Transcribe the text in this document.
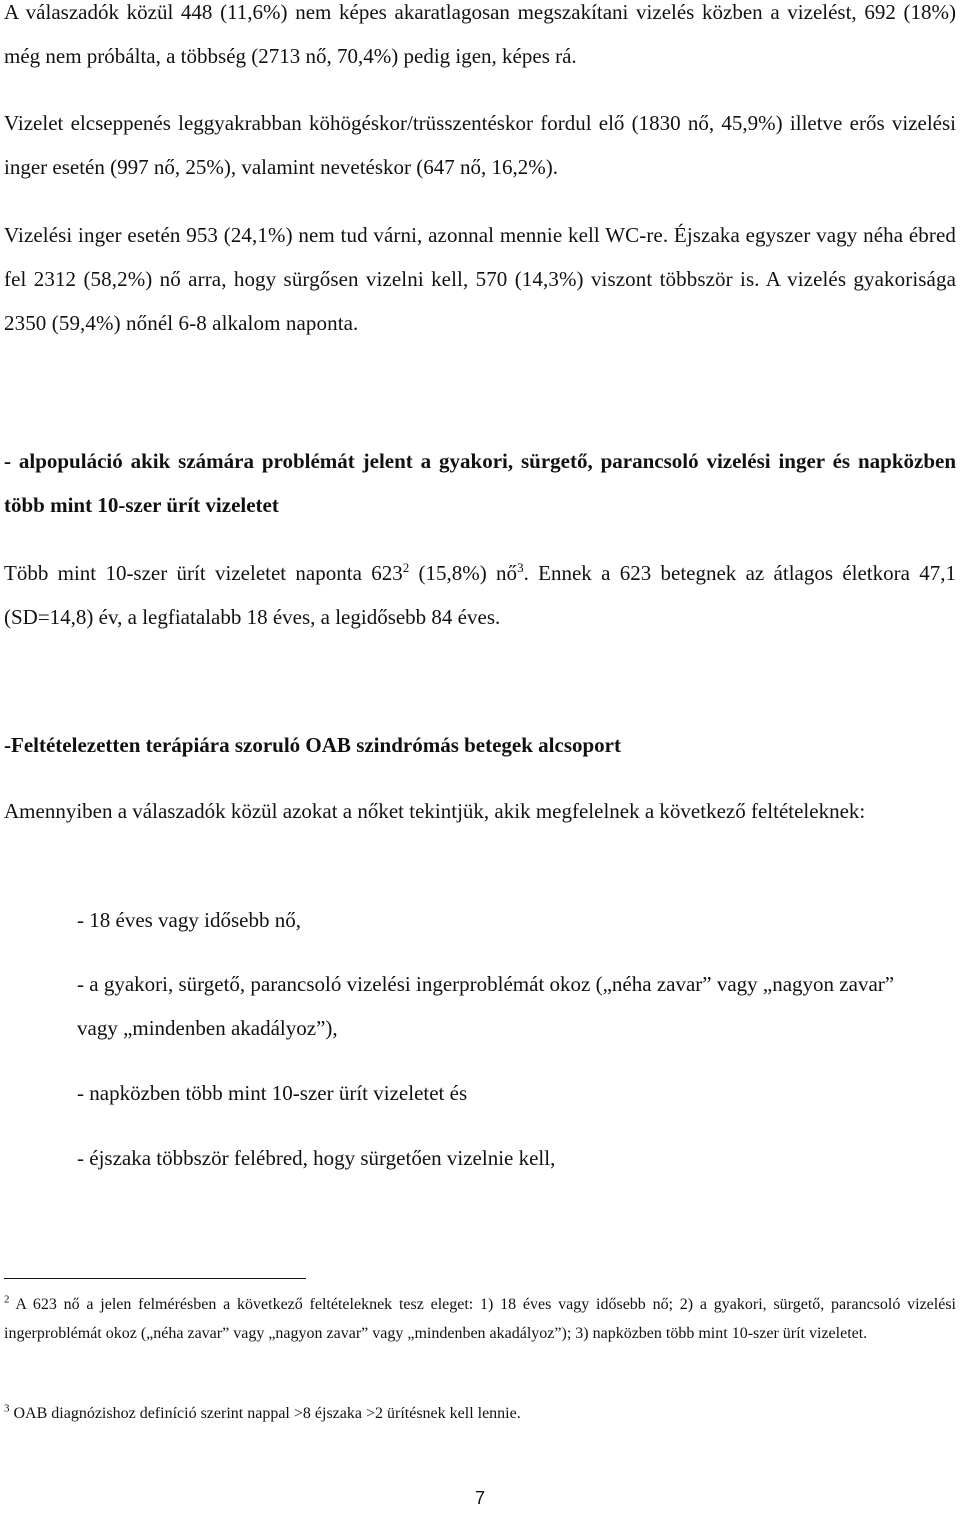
A válaszadók közül 448 (11,6%) nem képes akaratlagosan megszakítani vizelés közben a vizelést, 692 (18%) még nem próbálta, a többség (2713 nő, 70,4%) pedig igen, képes rá.

Vizelet elcseppenés leggyakrabban köhögéskor/trüsszentéskor fordul elő (1830 nő, 45,9%) illetve erős vizelési inger esetén (997 nő, 25%), valamint nevetéskor (647 nő, 16,2%).

Vizelési inger esetén 953 (24,1%) nem tud várni, azonnal mennie kell WC-re. Éjszaka egyszer vagy néha ébred fel 2312 (58,2%) nő arra, hogy sürgősen vizelni kell, 570 (14,3%) viszont többször is. A vizelés gyakorisága 2350 (59,4%) nőnél 6-8 alkalom naponta.

- alpopuláció akik számára problémát jelent a gyakori, sürgető, parancsoló vizelési inger és napközben több mint 10-szer ürít vizeletet

Több mint 10-szer ürít vizeletet naponta $623^2$ (15,8%) $nő^3$. Ennek a 623 betegnek az átlagos életkora 47,1 (SD=14,8) év, a legfiatalabb 18 éves, a legidősebb 84 éves.

-Feltételezetten terápiára szoruló OAB szindrómás betegek alcsoport

Amennyiben a válaszadók közül azokat a nőket tekintjük, akik megfelelnek a következő feltételeknek:

- 18 éves vagy idősebb nő,

- a gyakori, sürgető, parancsoló vizelési ingerproblémát okoz („néha zavar” vagy „nagyon zavar” vagy „mindenben akadályoz”),

- napközben több mint 10-szer ürít vizeletet és

- éjszaka többször felébred, hogy sürgetően vizelnie kell,

$^2$ A 623 nő a jelen felmérésben a következő feltételeknek tesz eleget: 1) 18 éves vagy idősebb nő; 2) a gyakori, sürgető, parancsoló vizelési ingerproblémát okoz („néha zavar” vagy „nagyon zavar” vagy „mindenben akadályoz”); 3) napközben több mint 10-szer ürít vizeletet.

$^3$ OAB diagnózishoz definíció szerint nappal >8 éjszaka >2 ürítésnek kell lennie.

7
